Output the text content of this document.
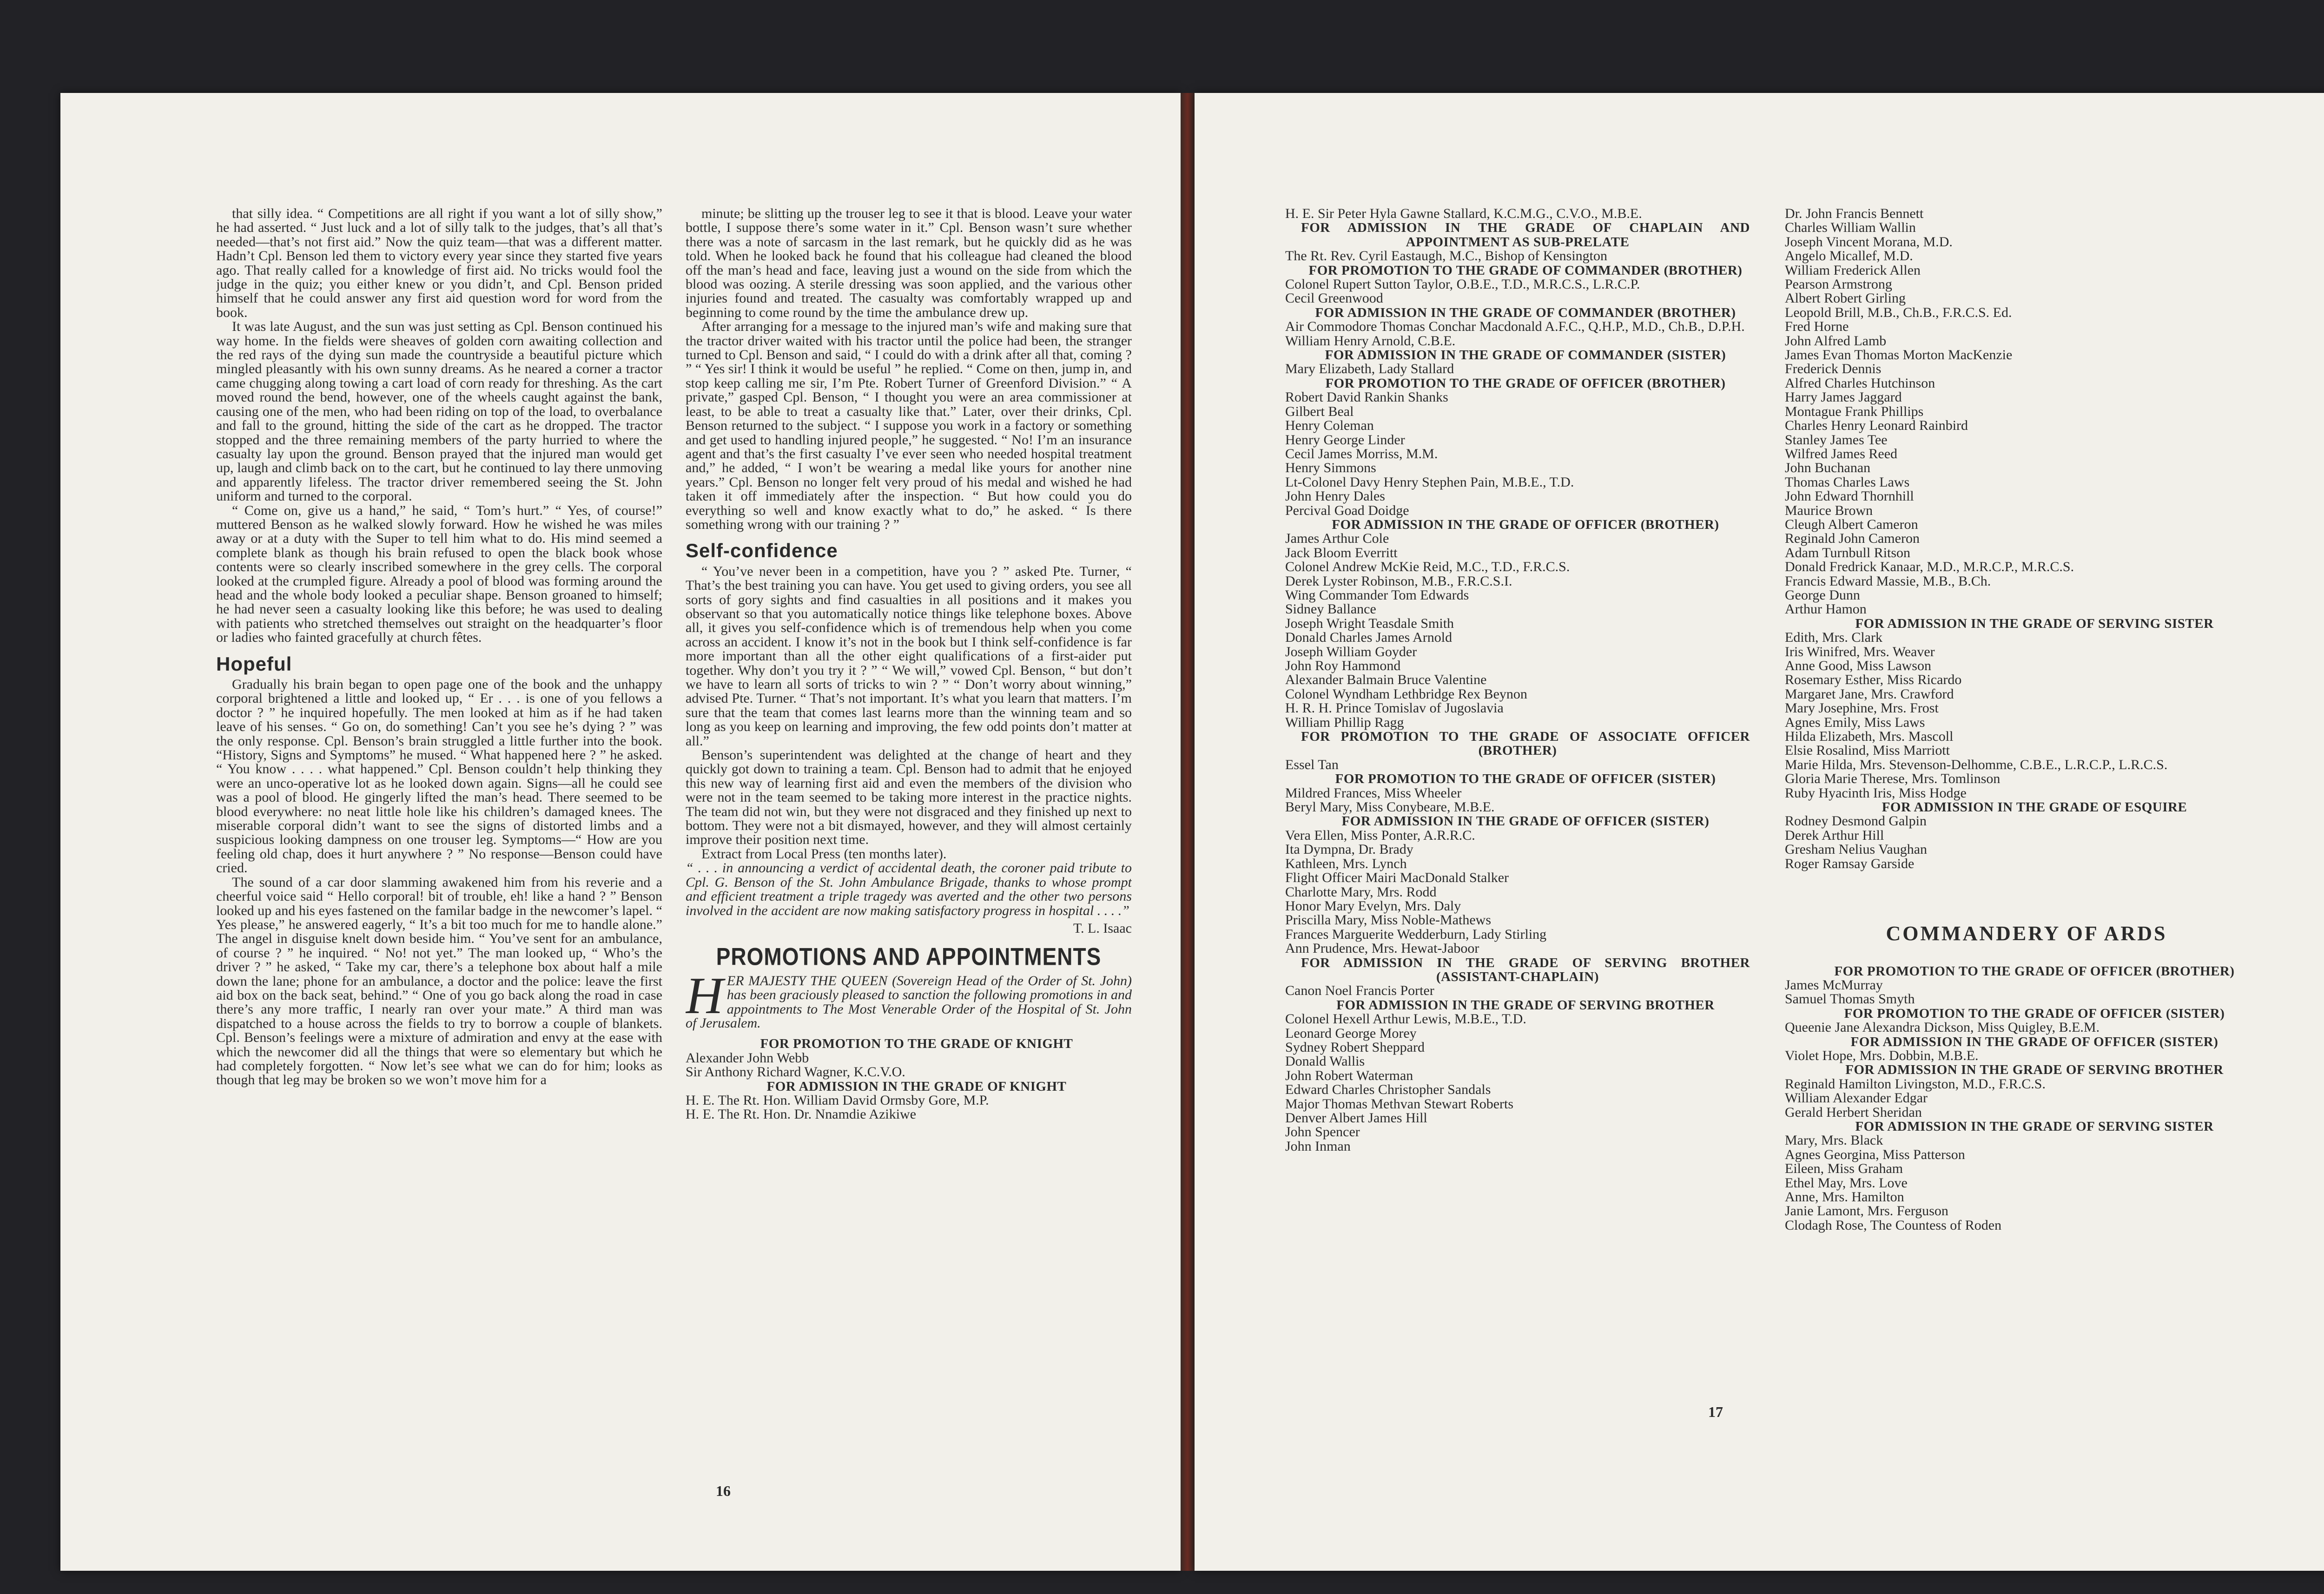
that silly idea. “ Competitions are all right if you want a lot of silly show,” he had asserted. “ Just luck and a lot of silly talk to the judges, that’s all that’s needed—that’s not first aid.” Now the quiz team—that was a different matter. Hadn’t Cpl. Benson led them to victory every year since they started five years ago. That really called for a knowledge of first aid. No tricks would fool the judge in the quiz; you either knew or you didn’t, and Cpl. Benson prided himself that he could answer any first aid question word for word from the book.

It was late August, and the sun was just setting as Cpl. Benson continued his way home. In the fields were sheaves of golden corn awaiting collection and the red rays of the dying sun made the countryside a beautiful picture which mingled pleasantly with his own sunny dreams. As he neared a corner a tractor came chugging along towing a cart load of corn ready for threshing. As the cart moved round the bend, however, one of the wheels caught against the bank, causing one of the men, who had been riding on top of the load, to overbalance and fall to the ground, hitting the side of the cart as he dropped. The tractor stopped and the three remaining members of the party hurried to where the casualty lay upon the ground. Benson prayed that the injured man would get up, laugh and climb back on to the cart, but he continued to lay there unmoving and apparently lifeless. The tractor driver remembered seeing the St. John uniform and turned to the corporal.

“ Come on, give us a hand,” he said, “ Tom’s hurt.” “ Yes, of course!” muttered Benson as he walked slowly forward. How he wished he was miles away or at a duty with the Super to tell him what to do. His mind seemed a complete blank as though his brain refused to open the black book whose contents were so clearly inscribed somewhere in the grey cells. The corporal looked at the crumpled figure. Already a pool of blood was forming around the head and the whole body looked a peculiar shape. Benson groaned to himself; he had never seen a casualty looking like this before; he was used to dealing with patients who stretched themselves out straight on the headquarter’s floor or ladies who fainted gracefully at church fêtes.

Hopeful

Gradually his brain began to open page one of the book and the unhappy corporal brightened a little and looked up, “ Er . . . is one of you fellows a doctor ? ” he inquired hopefully. The men looked at him as if he had taken leave of his senses. “ Go on, do something! Can’t you see he’s dying ? ” was the only response. Cpl. Benson’s brain struggled a little further into the book. “History, Signs and Symptoms” he mused. “ What happened here ? ” he asked. “ You know . . . . what happened.” Cpl. Benson couldn’t help thinking they were an unco-operative lot as he looked down again. Signs—all he could see was a pool of blood. He gingerly lifted the man’s head. There seemed to be blood everywhere: no neat little hole like his children’s damaged knees. The miserable corporal didn’t want to see the signs of distorted limbs and a suspicious looking dampness on one trouser leg. Symptoms—“ How are you feeling old chap, does it hurt anywhere ? ” No response—Benson could have cried.

The sound of a car door slamming awakened him from his reverie and a cheerful voice said “ Hello corporal! bit of trouble, eh! like a hand ? ” Benson looked up and his eyes fastened on the familar badge in the newcomer’s lapel. “ Yes please,” he answered eagerly, “ It’s a bit too much for me to handle alone.” The angel in disguise knelt down beside him. “ You’ve sent for an ambulance, of course ? ” he inquired. “ No! not yet.” The man looked up, “ Who’s the driver ? ” he asked, “ Take my car, there’s a telephone box about half a mile down the lane; phone for an ambulance, a doctor and the police: leave the first aid box on the back seat, behind.” “ One of you go back along the road in case there’s any more traffic, I nearly ran over your mate.” A third man was dispatched to a house across the fields to try to borrow a couple of blankets. Cpl. Benson’s feelings were a mixture of admiration and envy at the ease with which the newcomer did all the things that were so elementary but which he had completely forgotten. “ Now let’s see what we can do for him; looks as though that leg may be broken so we won’t move him for a

minute; be slitting up the trouser leg to see it that is blood. Leave your water bottle, I suppose there’s some water in it.” Cpl. Benson wasn’t sure whether there was a note of sarcasm in the last remark, but he quickly did as he was told. When he looked back he found that his colleague had cleaned the blood off the man’s head and face, leaving just a wound on the side from which the blood was oozing. A sterile dressing was soon applied, and the various other injuries found and treated. The casualty was comfortably wrapped up and beginning to come round by the time the ambulance drew up.

After arranging for a message to the injured man’s wife and making sure that the tractor driver waited with his tractor until the police had been, the stranger turned to Cpl. Benson and said, “ I could do with a drink after all that, coming ? ” “ Yes sir! I think it would be useful ” he replied. “ Come on then, jump in, and stop keep calling me sir, I’m Pte. Robert Turner of Greenford Division.” “ A private,” gasped Cpl. Benson, “ I thought you were an area commissioner at least, to be able to treat a casualty like that.” Later, over their drinks, Cpl. Benson returned to the subject. “ I suppose you work in a factory or something and get used to handling injured people,” he suggested. “ No! I’m an insurance agent and that’s the first casualty I’ve ever seen who needed hospital treatment and,” he added, “ I won’t be wearing a medal like yours for another nine years.” Cpl. Benson no longer felt very proud of his medal and wished he had taken it off immediately after the inspection. “ But how could you do everything so well and know exactly what to do,” he asked. “ Is there something wrong with our training ? ”

Self-confidence

“ You’ve never been in a competition, have you ? ” asked Pte. Turner, “ That’s the best training you can have. You get used to giving orders, you see all sorts of gory sights and find casualties in all positions and it makes you observant so that you automatically notice things like telephone boxes. Above all, it gives you self-confidence which is of tremendous help when you come across an accident. I know it’s not in the book but I think self-confidence is far more important than all the other eight qualifications of a first-aider put together. Why don’t you try it ? ” “ We will,” vowed Cpl. Benson, “ but don’t we have to learn all sorts of tricks to win ? ” “ Don’t worry about winning,” advised Pte. Turner. “ That’s not important. It’s what you learn that matters. I’m sure that the team that comes last learns more than the winning team and so long as you keep on learning and improving, the few odd points don’t matter at all.”

Benson’s superintendent was delighted at the change of heart and they quickly got down to training a team. Cpl. Benson had to admit that he enjoyed this new way of learning first aid and even the members of the division who were not in the team seemed to be taking more interest in the practice nights. The team did not win, but they were not disgraced and they finished up next to bottom. They were not a bit dismayed, however, and they will almost certainly improve their position next time.

Extract from Local Press (ten months later).

“ . . . in announcing a verdict of accidental death, the coroner paid tribute to Cpl. G. Benson of the St. John Ambulance Brigade, thanks to whose prompt and efficient treatment a triple tragedy was averted and the other two persons involved in the accident are now making satisfactory progress in hospital . . . .”

T. L. Isaac

PROMOTIONS AND APPOINTMENTS

HER MAJESTY THE QUEEN (Sovereign Head of the Order of St. John) has been graciously pleased to sanction the following promotions in and appointments to The Most Venerable Order of the Hospital of St. John of Jerusalem.

FOR PROMOTION TO THE GRADE OF KNIGHT

Alexander John Webb
Sir Anthony Richard Wagner, K.C.V.O.

FOR ADMISSION IN THE GRADE OF KNIGHT

H. E. The Rt. Hon. William David Ormsby Gore, M.P.
H. E. The Rt. Hon. Dr. Nnamdie Azikiwe
16
H. E. Sir Peter Hyla Gawne Stallard, K.C.M.G., C.V.O., M.B.E.

FOR ADMISSION IN THE GRADE OF CHAPLAIN AND APPOINTMENT AS SUB-PRELATE

The Rt. Rev. Cyril Eastaugh, M.C., Bishop of Kensington

FOR PROMOTION TO THE GRADE OF COMMANDER (BROTHER)

Colonel Rupert Sutton Taylor, O.B.E., T.D., M.R.C.S., L.R.C.P.
Cecil Greenwood

FOR ADMISSION IN THE GRADE OF COMMANDER (BROTHER)

Air Commodore Thomas Conchar Macdonald A.F.C., Q.H.P., M.D., Ch.B., D.P.H.
William Henry Arnold, C.B.E.

FOR ADMISSION IN THE GRADE OF COMMANDER (SISTER)

Mary Elizabeth, Lady Stallard

FOR PROMOTION TO THE GRADE OF OFFICER (BROTHER)

Robert David Rankin Shanks
Gilbert Beal
Henry Coleman
Henry George Linder
Cecil James Morriss, M.M.
Henry Simmons
Lt-Colonel Davy Henry Stephen Pain, M.B.E., T.D.
John Henry Dales
Percival Goad Doidge

FOR ADMISSION IN THE GRADE OF OFFICER (BROTHER)

James Arthur Cole
Jack Bloom Everritt
Colonel Andrew McKie Reid, M.C., T.D., F.R.C.S.
Derek Lyster Robinson, M.B., F.R.C.S.I.
Wing Commander Tom Edwards
Sidney Ballance
Joseph Wright Teasdale Smith
Donald Charles James Arnold
Joseph William Goyder
John Roy Hammond
Alexander Balmain Bruce Valentine
Colonel Wyndham Lethbridge Rex Beynon
H. R. H. Prince Tomislav of Jugoslavia
William Phillip Ragg

FOR PROMOTION TO THE GRADE OF ASSOCIATE OFFICER (BROTHER)

Essel Tan

FOR PROMOTION TO THE GRADE OF OFFICER (SISTER)

Mildred Frances, Miss Wheeler
Beryl Mary, Miss Conybeare, M.B.E.

FOR ADMISSION IN THE GRADE OF OFFICER (SISTER)

Vera Ellen, Miss Ponter, A.R.R.C.
Ita Dympna, Dr. Brady
Kathleen, Mrs. Lynch
Flight Officer Mairi MacDonald Stalker
Charlotte Mary, Mrs. Rodd
Honor Mary Evelyn, Mrs. Daly
Priscilla Mary, Miss Noble-Mathews
Frances Marguerite Wedderburn, Lady Stirling
Ann Prudence, Mrs. Hewat-Jaboor

FOR ADMISSION IN THE GRADE OF SERVING BROTHER (ASSISTANT-CHAPLAIN)

Canon Noel Francis Porter

FOR ADMISSION IN THE GRADE OF SERVING BROTHER

Colonel Hexell Arthur Lewis, M.B.E., T.D.
Leonard George Morey
Sydney Robert Sheppard
Donald Wallis
John Robert Waterman
Edward Charles Christopher Sandals
Major Thomas Methvan Stewart Roberts
Denver Albert James Hill
John Spencer
John Inman
Dr. John Francis Bennett
Charles William Wallin
Joseph Vincent Morana, M.D.
Angelo Micallef, M.D.
William Frederick Allen
Pearson Armstrong
Albert Robert Girling
Leopold Brill, M.B., Ch.B., F.R.C.S. Ed.
Fred Horne
John Alfred Lamb
James Evan Thomas Morton MacKenzie
Frederick Dennis
Alfred Charles Hutchinson
Harry James Jaggard
Montague Frank Phillips
Charles Henry Leonard Rainbird
Stanley James Tee
Wilfred James Reed
John Buchanan
Thomas Charles Laws
John Edward Thornhill
Maurice Brown
Cleugh Albert Cameron
Reginald John Cameron
Adam Turnbull Ritson
Donald Fredrick Kanaar, M.D., M.R.C.P., M.R.C.S.
Francis Edward Massie, M.B., B.Ch.
George Dunn
Arthur Hamon

FOR ADMISSION IN THE GRADE OF SERVING SISTER

Edith, Mrs. Clark
Iris Winifred, Mrs. Weaver
Anne Good, Miss Lawson
Rosemary Esther, Miss Ricardo
Margaret Jane, Mrs. Crawford
Mary Josephine, Mrs. Frost
Agnes Emily, Miss Laws
Hilda Elizabeth, Mrs. Mascoll
Elsie Rosalind, Miss Marriott
Marie Hilda, Mrs. Stevenson-Delhomme, C.B.E., L.R.C.P., L.R.C.S.
Gloria Marie Therese, Mrs. Tomlinson
Ruby Hyacinth Iris, Miss Hodge

FOR ADMISSION IN THE GRADE OF ESQUIRE

Rodney Desmond Galpin
Derek Arthur Hill
Gresham Nelius Vaughan
Roger Ramsay Garside
COMMANDERY OF ARDS

FOR PROMOTION TO THE GRADE OF OFFICER (BROTHER)

James McMurray
Samuel Thomas Smyth

FOR PROMOTION TO THE GRADE OF OFFICER (SISTER)

Queenie Jane Alexandra Dickson, Miss Quigley, B.E.M.

FOR ADMISSION IN THE GRADE OF OFFICER (SISTER)

Violet Hope, Mrs. Dobbin, M.B.E.

FOR ADMISSION IN THE GRADE OF SERVING BROTHER

Reginald Hamilton Livingston, M.D., F.R.C.S.
William Alexander Edgar
Gerald Herbert Sheridan

FOR ADMISSION IN THE GRADE OF SERVING SISTER

Mary, Mrs. Black
Agnes Georgina, Miss Patterson
Eileen, Miss Graham
Ethel May, Mrs. Love
Anne, Mrs. Hamilton
Janie Lamont, Mrs. Ferguson
Clodagh Rose, The Countess of Roden
17
